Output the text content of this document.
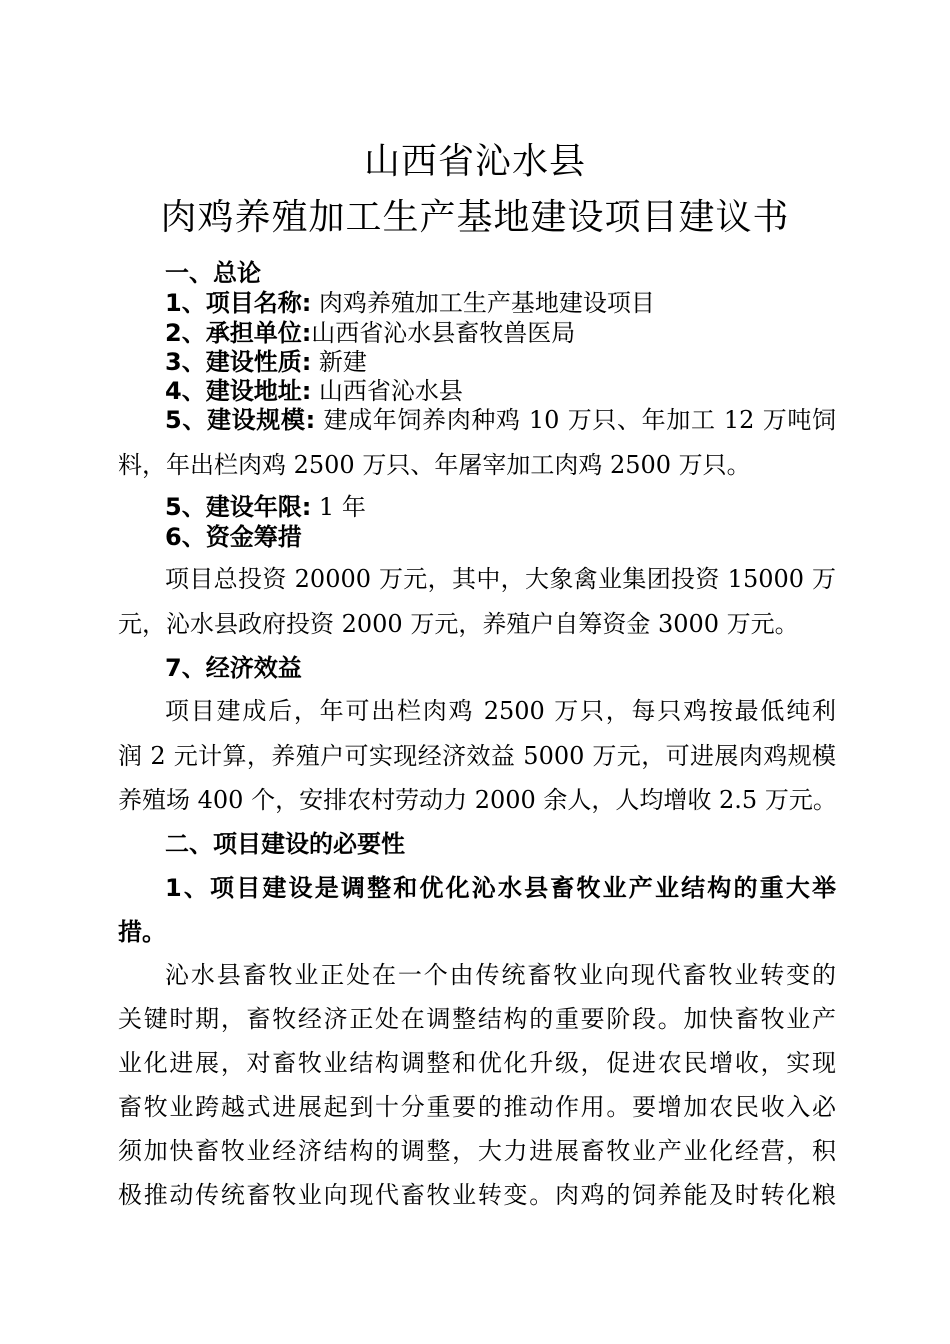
山西省沁水县
肉鸡养殖加工生产基地建设项目建议书
一、总论
1、项目名称: 肉鸡养殖加工生产基地建设项目
2、承担单位:山西省沁水县畜牧兽医局
3、建设性质: 新建
4、建设地址: 山西省沁水县
5、建设规模: 建成年饲养肉种鸡 10 万只、年加工 12 万吨饲
料，年出栏肉鸡 2500 万只、年屠宰加工肉鸡 2500 万只。
5、建设年限: 1 年
6、资金筹措
项目总投资 20000 万元，其中，大象禽业集团投资 15000 万
元，沁水县政府投资 2000 万元，养殖户自筹资金 3000 万元。
7、经济效益
项目建成后，年可出栏肉鸡 2500 万只，每只鸡按最低纯利
润 2 元计算，养殖户可实现经济效益 5000 万元，可进展肉鸡规模
养殖场 400 个，安排农村劳动力 2000 余人，人均增收 2.5 万元。
二、项目建设的必要性
1、项目建设是调整和优化沁水县畜牧业产业结构的重大举
措。
沁水县畜牧业正处在一个由传统畜牧业向现代畜牧业转变的
关键时期，畜牧经济正处在调整结构的重要阶段。加快畜牧业产
业化进展，对畜牧业结构调整和优化升级，促进农民增收，实现
畜牧业跨越式进展起到十分重要的推动作用。要增加农民收入必
须加快畜牧业经济结构的调整，大力进展畜牧业产业化经营，积
极推动传统畜牧业向现代畜牧业转变。肉鸡的饲养能及时转化粮
